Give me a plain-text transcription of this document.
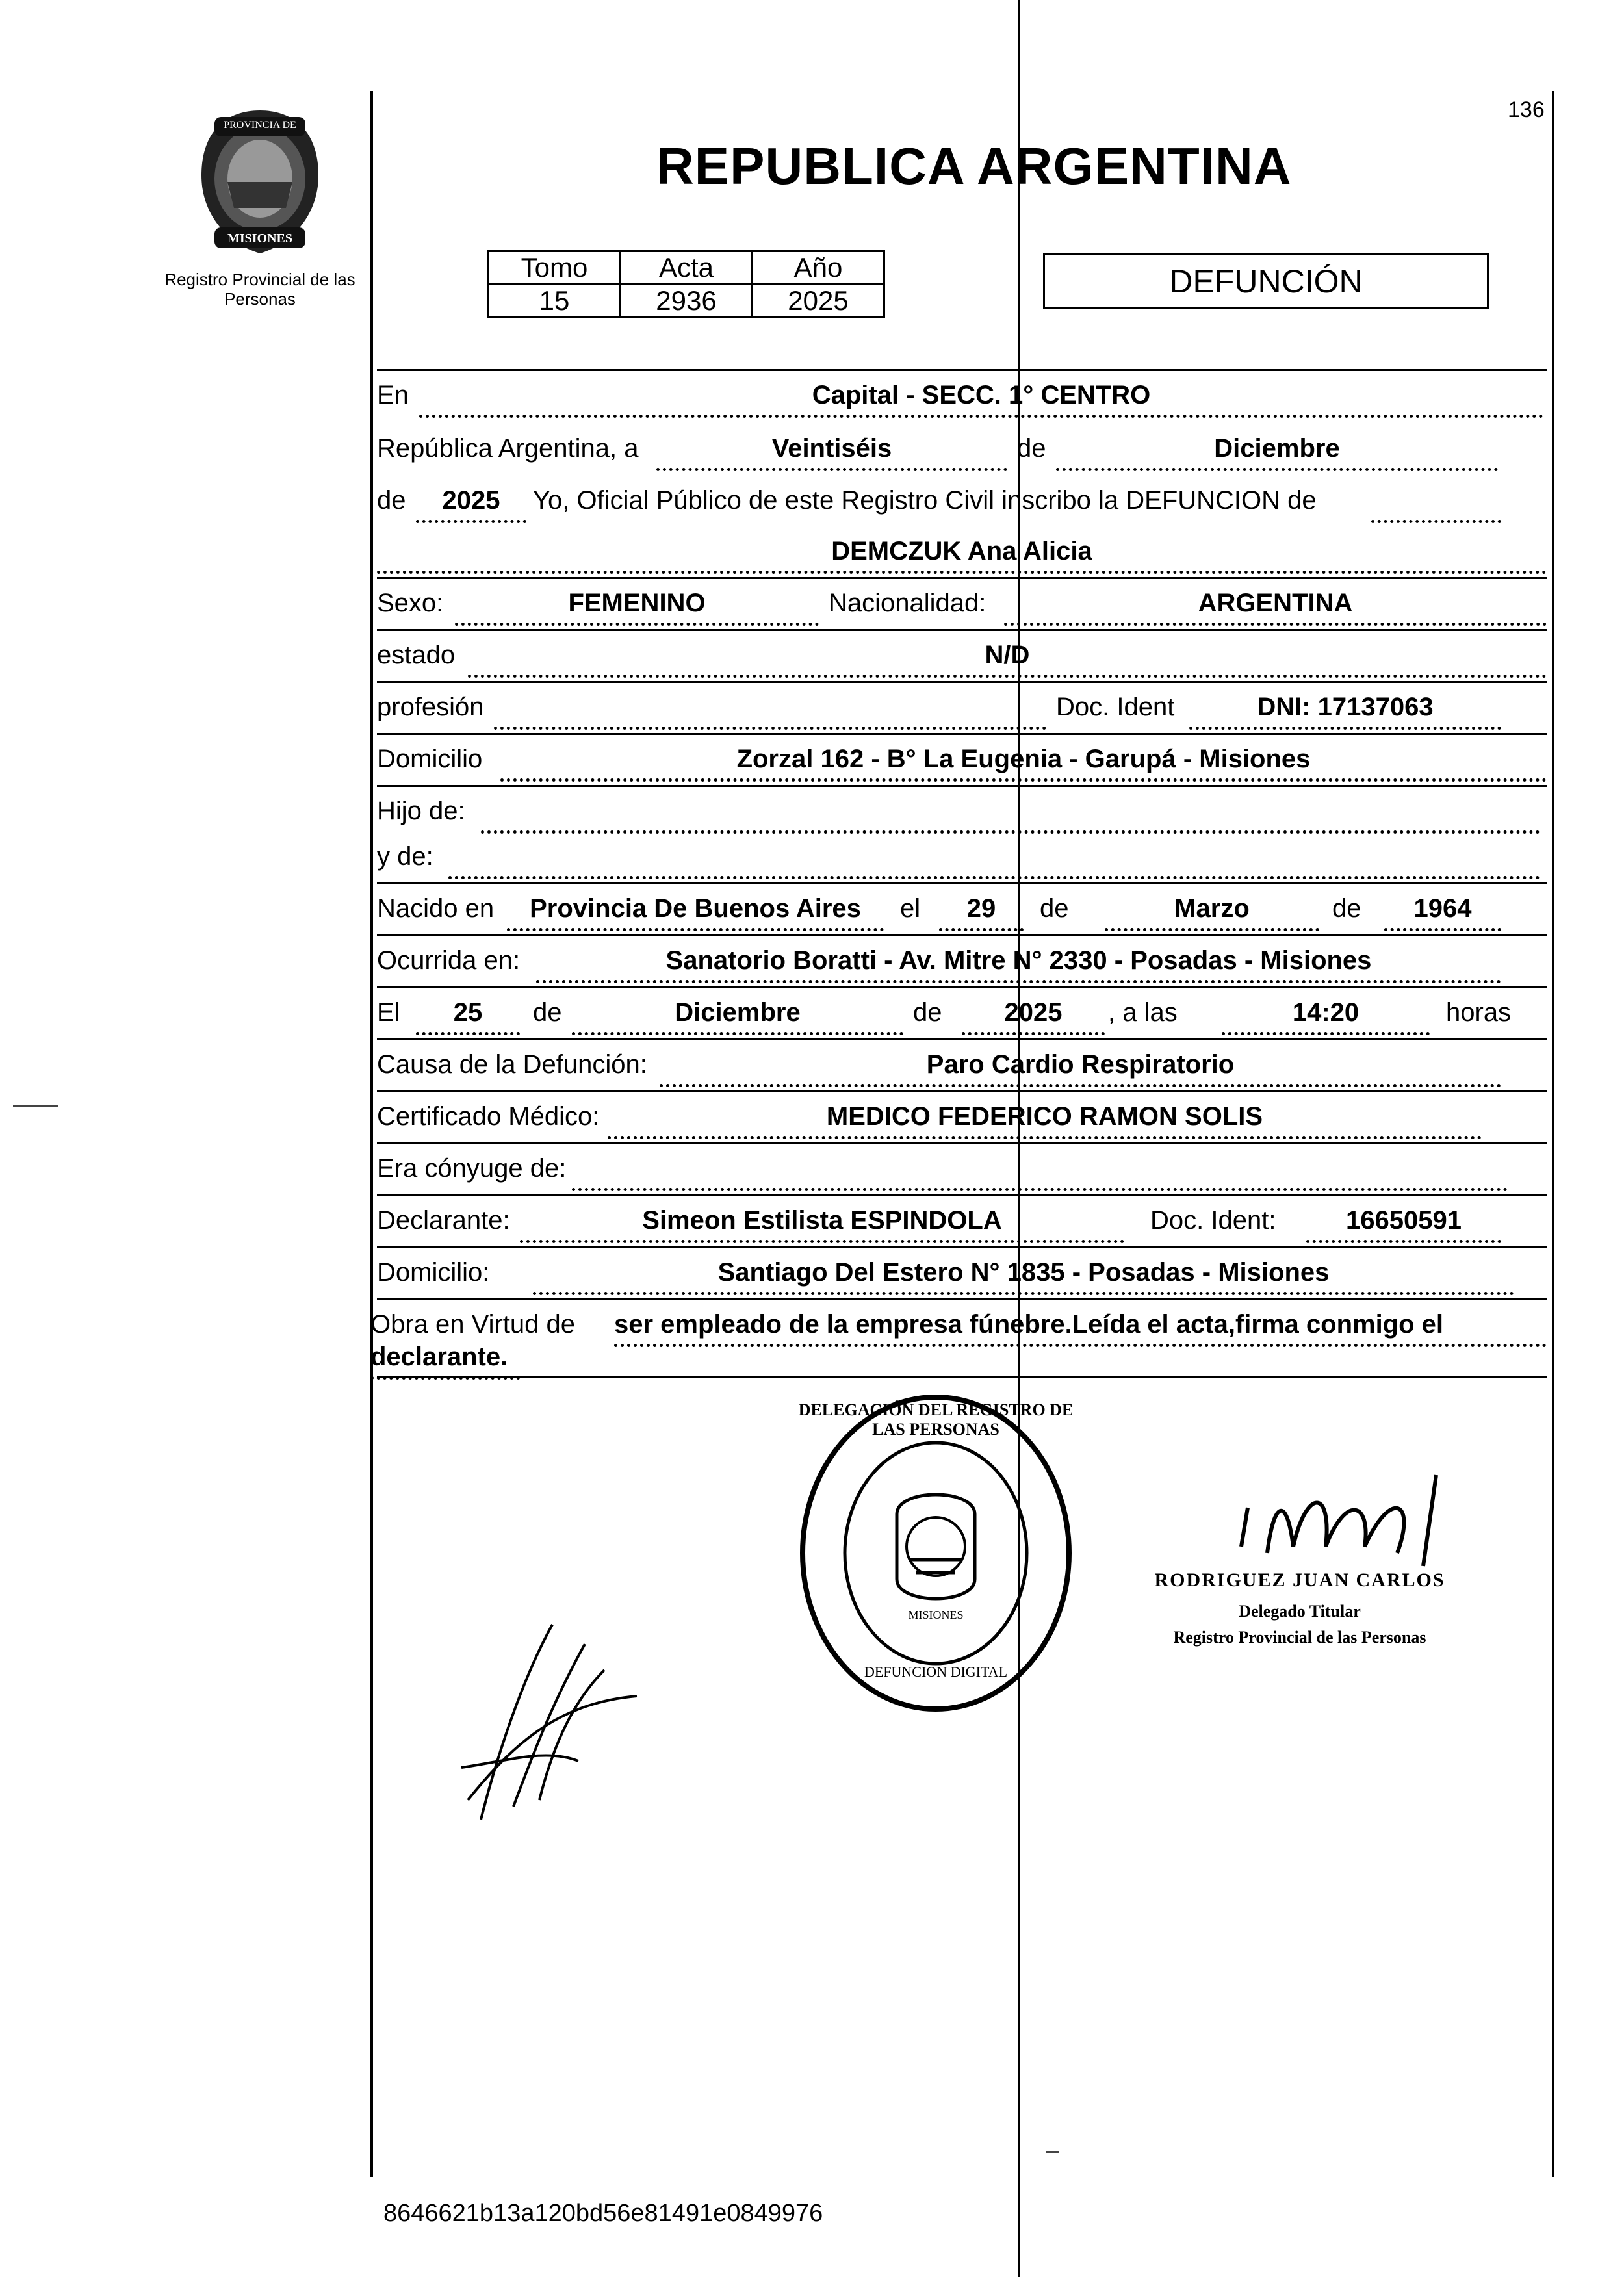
136
PROVINCIA DE
MISIONES
Registro Provincial de las Personas
REPUBLICA ARGENTINA
Tomo	Acta	Año
15	2936	2025
DEFUNCIÓN
En	Capital - SECC. 1° CENTRO
República Argentina, a	Veintiséis	de	Diciembre
de	2025	Yo, Oficial Público de este Registro Civil inscribo la DEFUNCION de
DEMCZUK Ana Alicia
Sexo:	FEMENINO	Nacionalidad:	ARGENTINA
estado	N/D
profesión	Doc. Ident	DNI: 17137063
Domicilio	Zorzal 162 - B° La Eugenia - Garupá - Misiones
Hijo de:
y de:
Nacido en	Provincia De Buenos Aires	el	29	de	Marzo	de	1964
Ocurrida en:	Sanatorio Boratti - Av. Mitre N° 2330 - Posadas - Misiones
El	25	de	Diciembre	de	2025	, a las	14:20	horas
Causa de la Defunción:	Paro Cardio Respiratorio
Certificado Médico:	MEDICO FEDERICO RAMON SOLIS
Era cónyuge de:
Declarante:	Simeon Estilista ESPINDOLA	Doc. Ident:	16650591
Domicilio:	Santiago Del Estero N° 1835 - Posadas - Misiones
Obra en Virtud de ser empleado de la empresa fúnebre.Leída el acta,firma conmigo el
declarante.
DELEGACIÓN DEL REGISTRO DE LAS PERSONAS
DEFUNCION DIGITAL
MISIONES
RODRIGUEZ JUAN CARLOS
Delegado Titular
Registro Provincial de las Personas
8646621b13a120bd56e81491e0849976
